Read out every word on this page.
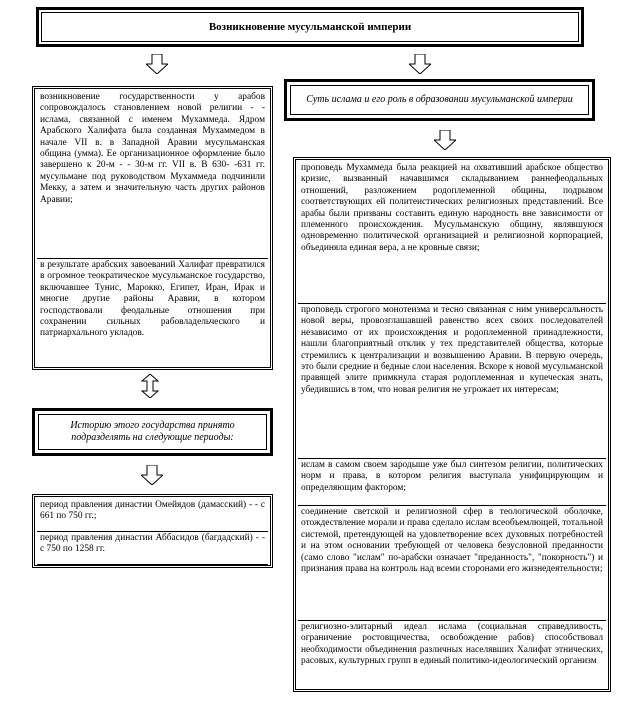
Возникновение мусульманской империи
возникновение государственности у арабов сопровождалось становлением новой религии - - ислама, связанной с именем Мухаммеда. Ядром Арабского Халифата была созданная Мухаммедом в начале VII в. в Западной Аравии мусульманская община (умма). Ее организационное оформление было завершено к 20-м - - 30-м гг. VII в. В 630- -631 гг. мусульмане под руководством Мухаммеда подчинили Мекку, а затем и значительную часть других районов Аравии;
в результате арабских завоеваний Халифат превратился в огромное теократическое мусульманское государство, включавшее Тунис, Марокко, Египет, Иран, Ирак и многие другие районы Аравии, в котором господствовали феодальные отношения при сохранении сильных рабовладельческого и патриархального укладов.
Историю этого государства принято подразделять на следующие периоды:
период правления династии Омейядов (дамасский) - - с 661 по 750 гг.;
период правления династии Аббасидов (багдадский) - - с 750 по 1258 гг.
Суть ислама и его роль в образовании мусульманской империи
проповедь Мухаммеда была реакцией на охвативший арабское общество кризис, вызванный начавшимся складыванием раннефеодальных отношений, разложением родоплеменной общины, подрывом соответствующих ей политеистических религиозных представлений. Все арабы были призваны составить единую народность вне зависимости от племенного происхождения. Мусульманскую общину, являвшуюся одновременно политической организацией и религиозной корпорацией, объединяла единая вера, а не кровные связи;
проповедь строгого монотеизма и тесно связанная с ним универсальность новой веры, провозглашавшей равенство всех своих последователей независимо от их происхождения и родоплеменной принадлежности, нашли благоприятный отклик у тех представителей общества, которые стремились к централизации и возвышению Аравии. В первую очередь, это были средние и бедные слои населения. Вскоре к новой мусульманской правящей элите примкнула старая родоплеменная и купеческая знать, убедившись в том, что новая религия не угрожает их интересам;
ислам в самом своем зародыше уже был синтезом религии, политических норм и права, в котором религия выступала унифицирующим и определяющим фактором;
соединение светской и религиозной сфер в теологической оболочке, отождествление морали и права сделало ислам всеобъемлющей, тотальной системой, претендующей на удовлетворение всех духовных потребностей и на этом основании требующей от человека безусловной преданности (само слово "ислам" по-арабски означает "преданность", "покорность") и признания права на контроль над всеми сторонами его жизнедеятельности;
религиозно-элитарный идеал ислама (социальная справедливость, ограничение ростовщичества, освобождение рабов) способствовал необходимости объединения различных населявших Халифат этнических, расовых, культурных групп в единый политико-идеологический организм
